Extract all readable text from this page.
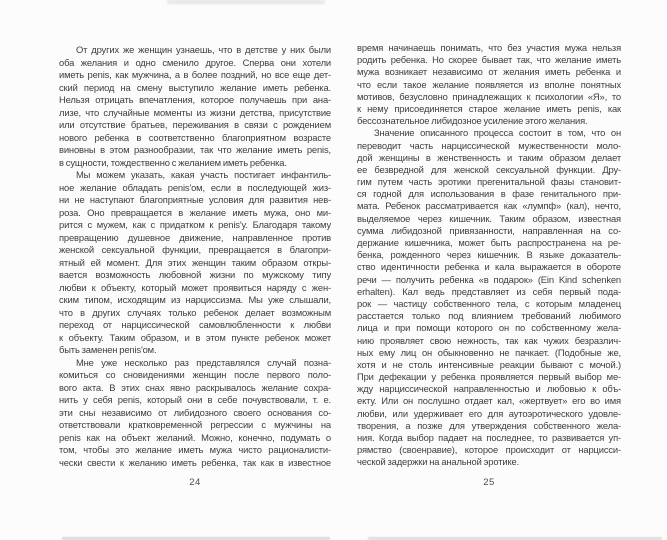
От других же женщин узнаешь, что в детстве у них были
оба желания и одно сменило другое. Сперва они хотели
иметь penis, как мужчина, а в более поздний, но все еще дет-
ский период на смену выступило желание иметь ребенка.
Нельзя отрицать впечатления, которое получаешь при ана-
лизе, что случайные моменты из жизни детства, присутствие
или отсутствие братьев, переживания в связи с рождением
нового ребенка в соответственно благоприятном возрасте
виновны в этом разнообразии, так что желание иметь penis,
в сущности, тождественно с желанием иметь ребенка.
Мы можем указать, какая участь постигает инфантиль-
ное желание обладать penis'ом, если в последующей жиз-
ни не наступают благоприятные условия для развития нев-
роза. Оно превращается в желание иметь мужа, оно ми-
рится с мужем, как с придатком к penis'y. Благодаря такому
превращению душевное движение, направленное против
женской сексуальной функции, превращается в благопри-
ятный ей момент. Для этих женщин таким образом откры-
вается возможность любовной жизни по мужскому типу
любви к объекту, который может проявиться наряду с жен-
ским типом, исходящим из нарциссизма. Мы уже слышали,
что в других случаях только ребенок делает возможным
переход от нарциссической самовлюбленности к любви
к объекту. Таким образом, и в этом пункте ребенок может
быть заменен penis'ом.
Мне уже несколько раз представлялся случай позна-
комиться со сновидениями женщин после первого поло-
вого акта. В этих снах явно раскрывалось желание сохра-
нить у себя penis, который они в себе почувствовали, т. е.
эти сны независимо от либидозного своего основания со-
ответствовали кратковременной регрессии с мужчины на
penis как на объект желаний. Можно, конечно, подумать о
том, чтобы это желание иметь мужа чисто рационалисти-
чески свести к желанию иметь ребенка, так как в известное
время начинаешь понимать, что без участия мужа нельзя
родить ребенка. Но скорее бывает так, что желание иметь
мужа возникает независимо от желания иметь ребенка и
что если такое желание появляется из вполне понятных
мотивов, безусловно принадлежащих к психологии «Я», то
к нему присоединяется старое желание иметь penis, как
бессознательное либидозное усиление этого желания.
Значение описанного процесса состоит в том, что он
переводит часть нарциссической мужественности моло-
дой женщины в женственность и таким образом делает
ее безвредной для женской сексуальной функции. Дру-
гим путем часть эротики прегенитальной фазы становит-
ся годной для использования в фазе генитального при-
мата. Ребенок рассматривается как «лумпф» (кал), нечто,
выделяемое через кишечник. Таким образом, известная
сумма либидозной привязанности, направленная на со-
держание кишечника, может быть распространена на ре-
бенка, рожденного через кишечник. В языке доказатель-
ство идентичности ребенка и кала выражается в обороте
речи — получить ребенка «в подарок» (Ein Kind schenken
erhalten). Кал ведь представляет из себя первый пода-
рок — частицу собственного тела, с которым младенец
расстается только под влиянием требований любимого
лица и при помощи которого он по собственному жела-
нию проявляет свою нежность, так как чужих безразлич-
ных ему лиц он обыкновенно не пачкает. (Подобные же,
хотя и не столь интенсивные реакции бывают с мочой.)
При дефекации у ребенка проявляется первый выбор ме-
жду нарциссической направленностью и любовью к объ-
екту. Или он послушно отдает кал, «жертвует» его во имя
любви, или удерживает его для аутоэротического удовле-
творения, а позже для утверждения собственного жела-
ния. Когда выбор падает на последнее, то развивается уп-
рямство (своенравие), которое происходит от нарцисси-
ческой задержки на анальной эротике.
24	25
